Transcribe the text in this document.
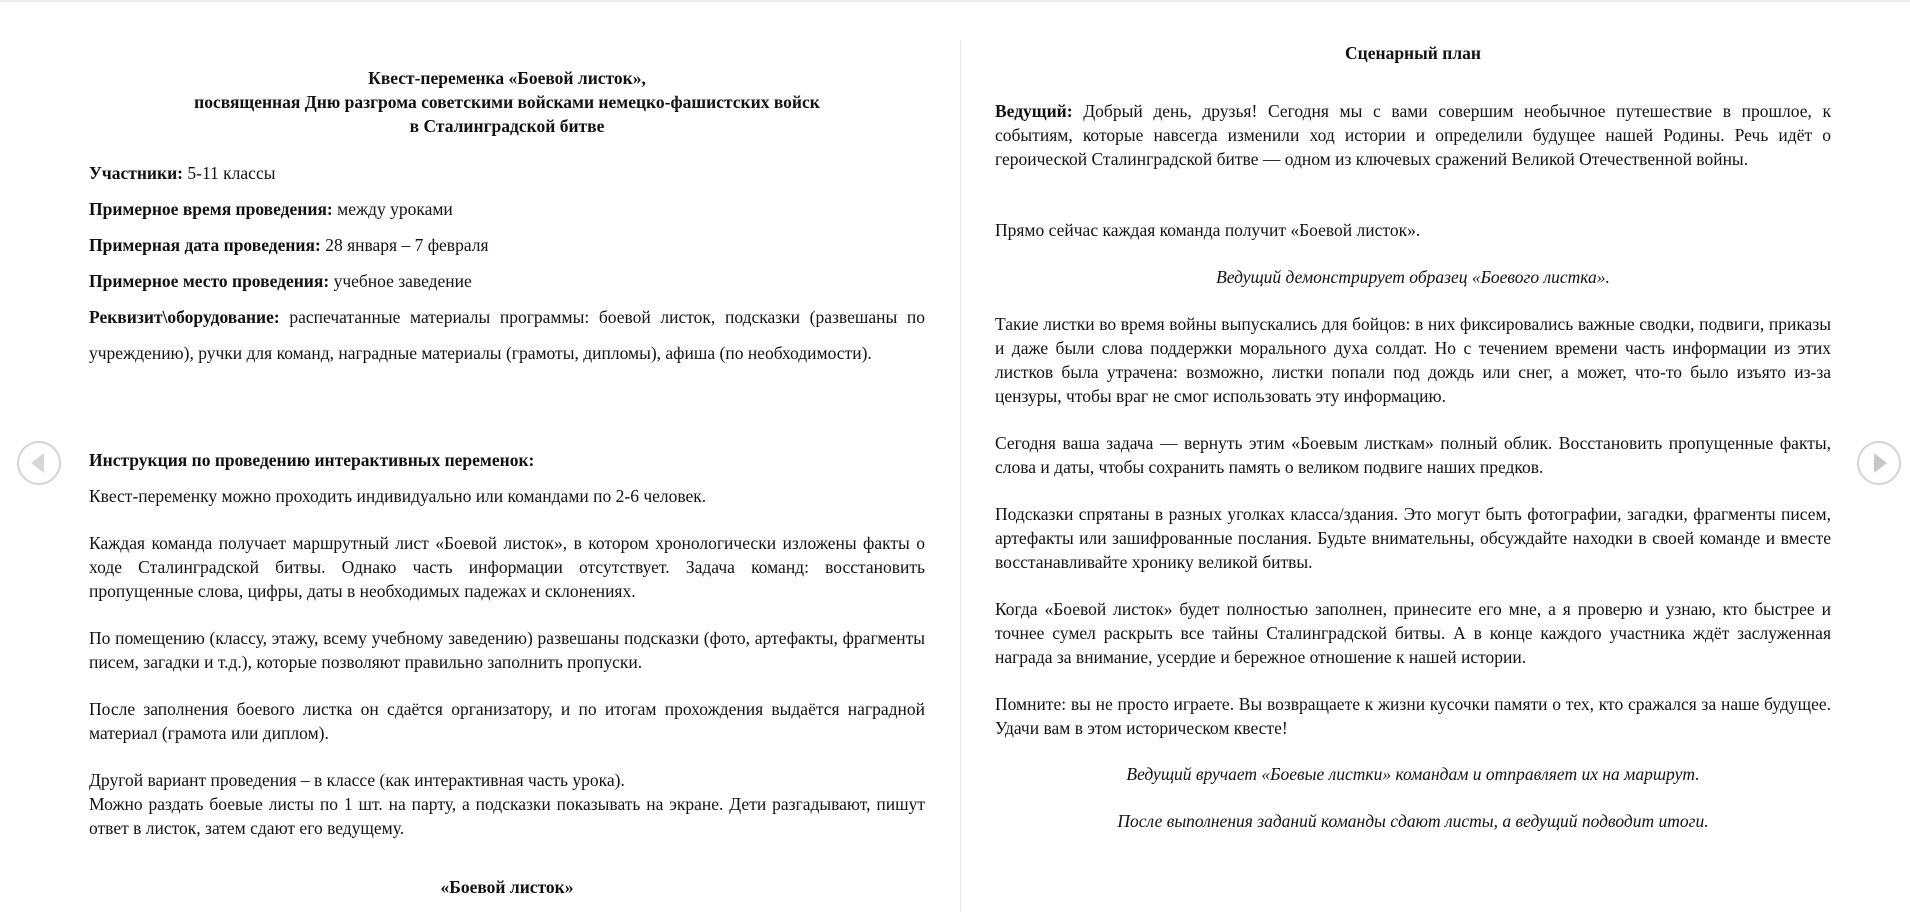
Квест-переменка «Боевой листок»,
посвященная Дню разгрома советскими войсками немецко-фашистских войск
в Сталинградской битве
Участники: 5-11 классы
Примерное время проведения: между уроками
Примерная дата проведения: 28 января – 7 февраля
Примерное место проведения: учебное заведение
Реквизит\оборудование: распечатанные материалы программы: боевой листок, подсказки (развешаны по учреждению), ручки для команд, наградные материалы (грамоты, дипломы), афиша (по необходимости).
Инструкция по проведению интерактивных переменок:
Квест-переменку можно проходить индивидуально или командами по 2-6 человек.
Каждая команда получает маршрутный лист «Боевой листок», в котором хронологически изложены факты о ходе Сталинградской битвы. Однако часть информации отсутствует. Задача команд: восстановить пропущенные слова, цифры, даты в необходимых падежах и склонениях.
По помещению (классу, этажу, всему учебному заведению) развешаны подсказки (фото, артефакты, фрагменты писем, загадки и т.д.), которые позволяют правильно заполнить пропуски.
После заполнения боевого листка он сдаётся организатору, и по итогам прохождения выдаётся наградной материал (грамота или диплом).
Другой вариант проведения – в классе (как интерактивная часть урока).
Можно раздать боевые листы по 1 шт. на парту, а подсказки показывать на экране. Дети разгадывают, пишут ответ в листок, затем сдают его ведущему.
«Боевой листок»
Сценарный план
Ведущий: Добрый день, друзья! Сегодня мы с вами совершим необычное путешествие в прошлое, к событиям, которые навсегда изменили ход истории и определили будущее нашей Родины. Речь идёт о героической Сталинградской битве — одном из ключевых сражений Великой Отечественной войны.
Прямо сейчас каждая команда получит «Боевой листок».
Ведущий демонстрирует образец «Боевого листка».
Такие листки во время войны выпускались для бойцов: в них фиксировались важные сводки, подвиги, приказы и даже были слова поддержки морального духа солдат. Но с течением времени часть информации из этих листков была утрачена: возможно, листки попали под дождь или снег, а может, что-то было изъято из-за цензуры, чтобы враг не смог использовать эту информацию.
Сегодня ваша задача — вернуть этим «Боевым листкам» полный облик. Восстановить пропущенные факты, слова и даты, чтобы сохранить память о великом подвиге наших предков.
Подсказки спрятаны в разных уголках класса/здания. Это могут быть фотографии, загадки, фрагменты писем, артефакты или зашифрованные послания. Будьте внимательны, обсуждайте находки в своей команде и вместе восстанавливайте хронику великой битвы.
Когда «Боевой листок» будет полностью заполнен, принесите его мне, а я проверю и узнаю, кто быстрее и точнее сумел раскрыть все тайны Сталинградской битвы. А в конце каждого участника ждёт заслуженная награда за внимание, усердие и бережное отношение к нашей истории.
Помните: вы не просто играете. Вы возвращаете к жизни кусочки памяти о тех, кто сражался за наше будущее. Удачи вам в этом историческом квесте!
Ведущий вручает «Боевые листки» командам и отправляет их на маршрут.
После выполнения заданий команды сдают листы, а ведущий подводит итоги.
